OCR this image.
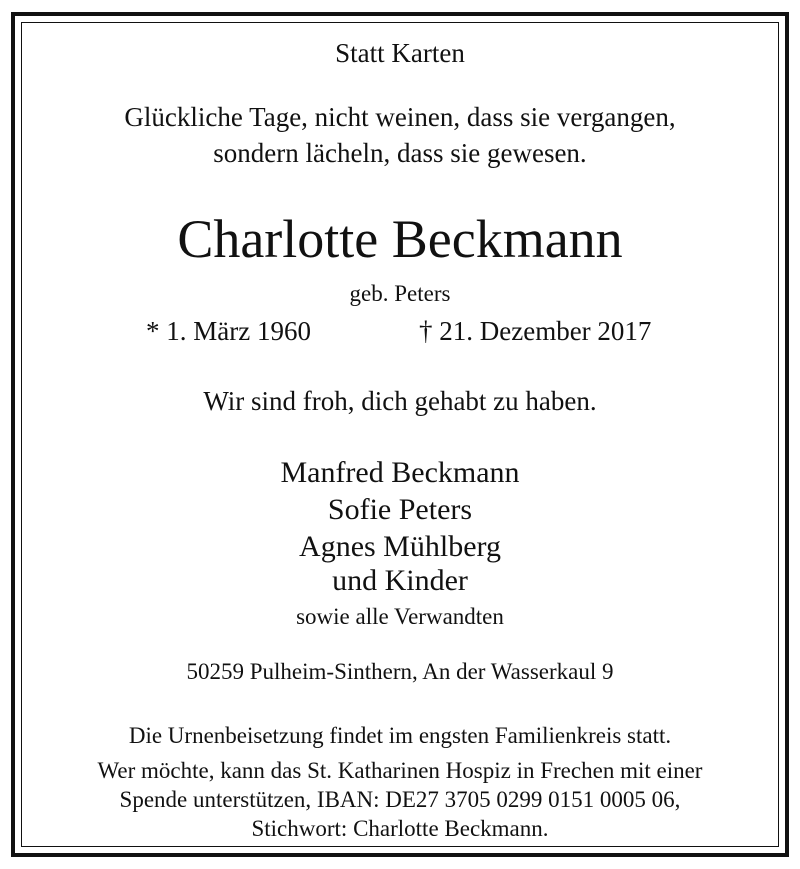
Statt Karten
Glückliche Tage, nicht weinen, dass sie vergangen,
sondern lächeln, dass sie gewesen.
Charlotte Beckmann
geb. Peters
* 1. März 1960	† 21. Dezember 2017
Wir sind froh, dich gehabt zu haben.
Manfred Beckmann
Sofie Peters
Agnes Mühlberg
und Kinder
sowie alle Verwandten
50259 Pulheim-Sinthern, An der Wasserkaul 9
Die Urnenbeisetzung findet im engsten Familienkreis statt.
Wer möchte, kann das St. Katharinen Hospiz in Frechen mit einer
Spende unterstützen, IBAN: DE27 3705 0299 0151 0005 06,
Stichwort: Charlotte Beckmann.
